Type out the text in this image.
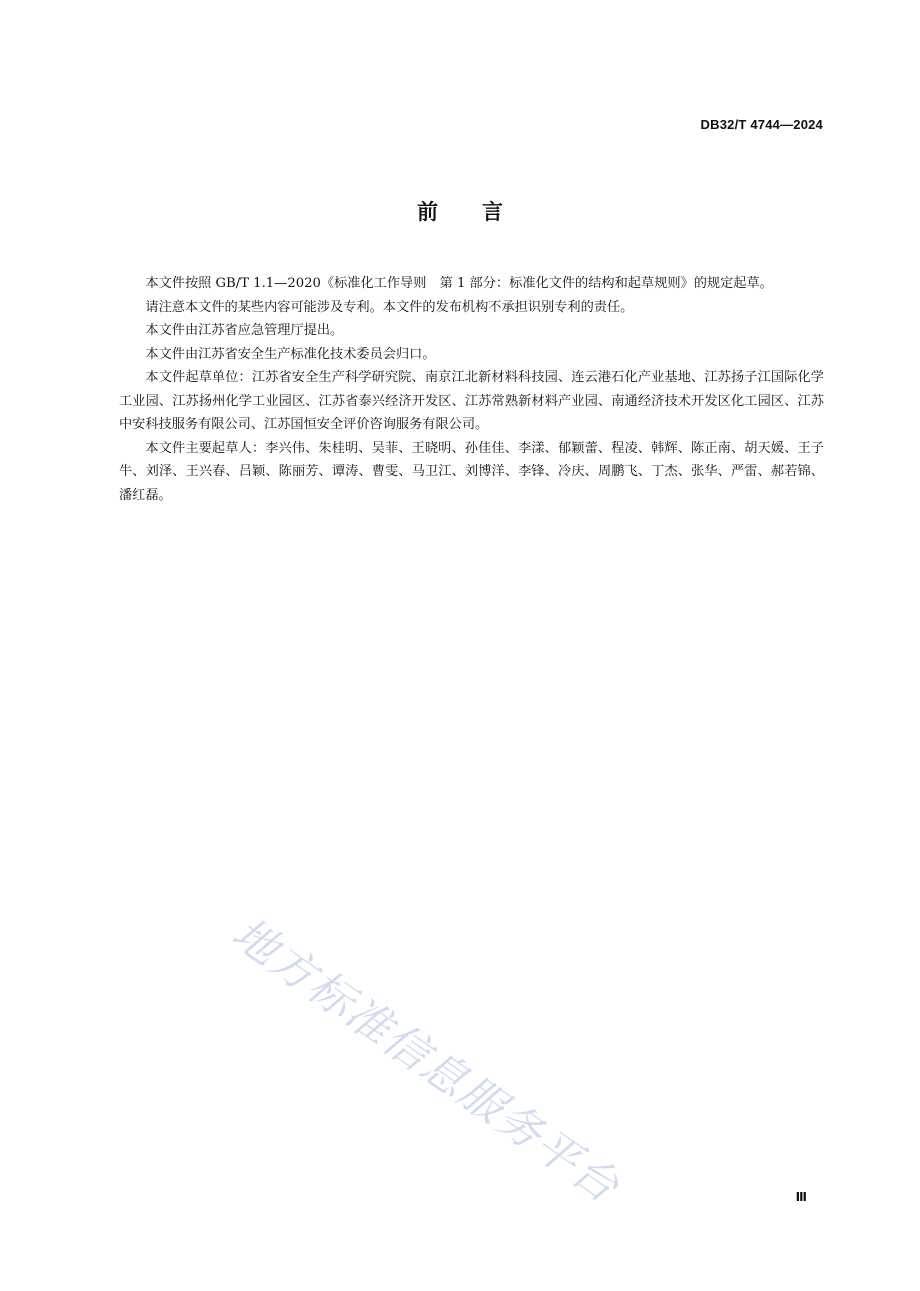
DB32/T 4744—2024
前言

本文件按照 GB/T 1.1—2020《标准化工作导则　第 1 部分：标准化文件的结构和起草规则》的规定起草。

请注意本文件的某些内容可能涉及专利。本文件的发布机构不承担识别专利的责任。

本文件由江苏省应急管理厅提出。

本文件由江苏省安全生产标准化技术委员会归口。

本文件起草单位：江苏省安全生产科学研究院、南京江北新材料科技园、连云港石化产业基地、江苏扬子江国际化学工业园、江苏扬州化学工业园区、江苏省泰兴经济开发区、江苏常熟新材料产业园、南通经济技术开发区化工园区、江苏中安科技服务有限公司、江苏国恒安全评价咨询服务有限公司。

本文件主要起草人：李兴伟、朱桂明、吴菲、王晓明、孙佳佳、李漾、郁颖蕾、程凌、韩辉、陈正南、胡天媛、王子牛、刘泽、王兴春、吕颖、陈丽芳、谭涛、曹雯、马卫江、刘博洋、李锋、冷庆、周鹏飞、丁杰、张华、严雷、郝若锦、潘红磊。

地方标准信息服务平台	Ⅲ
